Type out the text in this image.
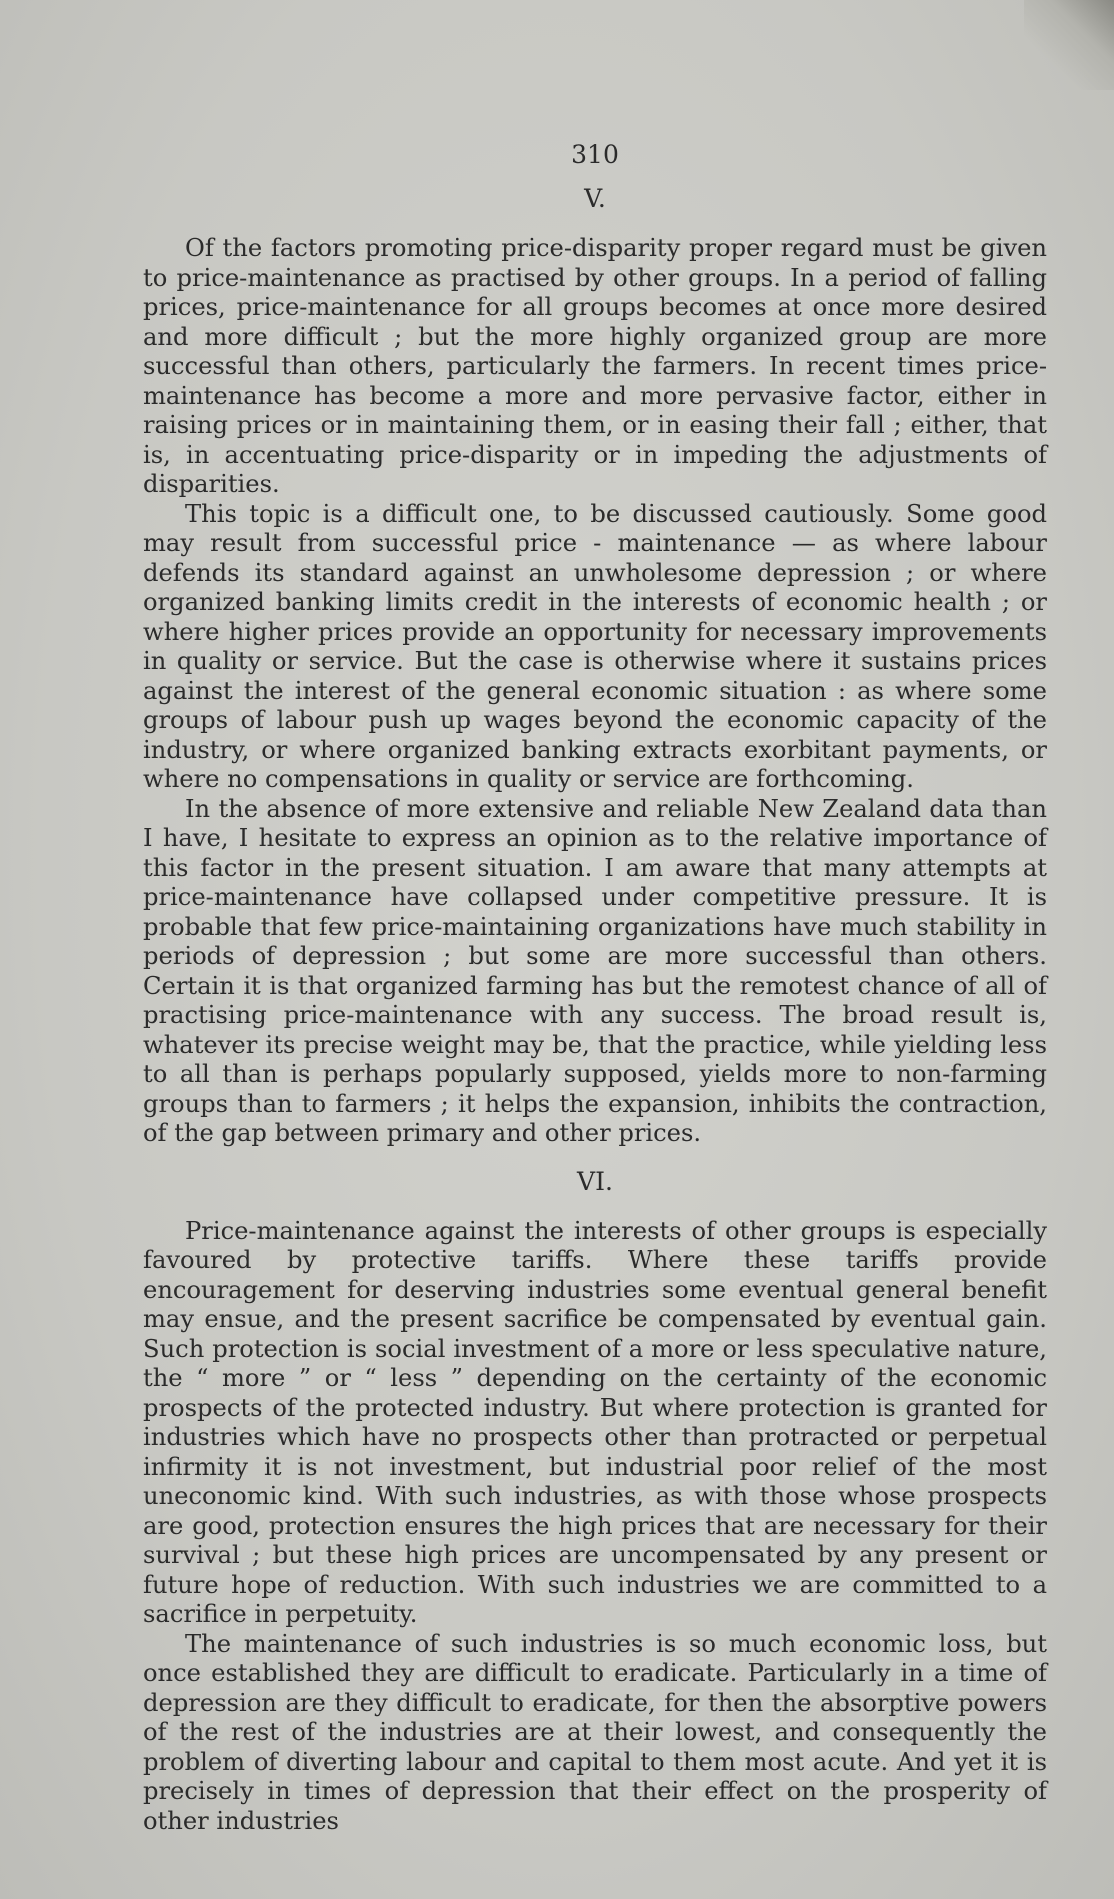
310
V.

Of the factors promoting price-disparity proper regard must be given to price-maintenance as practised by other groups. In a period of falling prices, price-maintenance for all groups becomes at once more desired and more difficult ; but the more highly organized group are more successful than others, particularly the farmers. In recent times price-maintenance has become a more and more pervasive factor, either in raising prices or in maintaining them, or in easing their fall ; either, that is, in accentuating price-disparity or in impeding the adjustments of disparities.

This topic is a difficult one, to be discussed cautiously. Some good may result from successful price - maintenance — as where labour defends its standard against an unwholesome depression ; or where organized banking limits credit in the interests of economic health ; or where higher prices provide an opportunity for necessary improvements in quality or service. But the case is otherwise where it sustains prices against the interest of the general economic situation : as where some groups of labour push up wages beyond the economic capacity of the industry, or where organized banking extracts exorbitant payments, or where no compensations in quality or service are forthcoming.

In the absence of more extensive and reliable New Zealand data than I have, I hesitate to express an opinion as to the relative importance of this factor in the present situation. I am aware that many attempts at price-maintenance have collapsed under competitive pressure. It is probable that few price-maintaining organizations have much stability in periods of depression ; but some are more successful than others. Certain it is that organized farming has but the remotest chance of all of practising price-maintenance with any success. The broad result is, whatever its precise weight may be, that the practice, while yielding less to all than is perhaps popularly supposed, yields more to non-farming groups than to farmers ; it helps the expansion, inhibits the contraction, of the gap between primary and other prices.

VI.

Price-maintenance against the interests of other groups is especially favoured by protective tariffs. Where these tariffs provide encouragement for deserving industries some eventual general benefit may ensue, and the present sacrifice be compensated by eventual gain. Such protection is social investment of a more or less speculative nature, the “ more ” or “ less ” depending on the certainty of the economic prospects of the protected industry. But where protection is granted for industries which have no prospects other than protracted or perpetual infirmity it is not investment, but industrial poor relief of the most uneconomic kind. With such industries, as with those whose prospects are good, protection ensures the high prices that are necessary for their survival ; but these high prices are uncompensated by any present or future hope of reduction. With such industries we are committed to a sacrifice in perpetuity.

The maintenance of such industries is so much economic loss, but once established they are difficult to eradicate. Particularly in a time of depression are they difficult to eradicate, for then the absorptive powers of the rest of the industries are at their lowest, and consequently the problem of diverting labour and capital to them most acute. And yet it is precisely in times of depression that their effect on the prosperity of other industries
